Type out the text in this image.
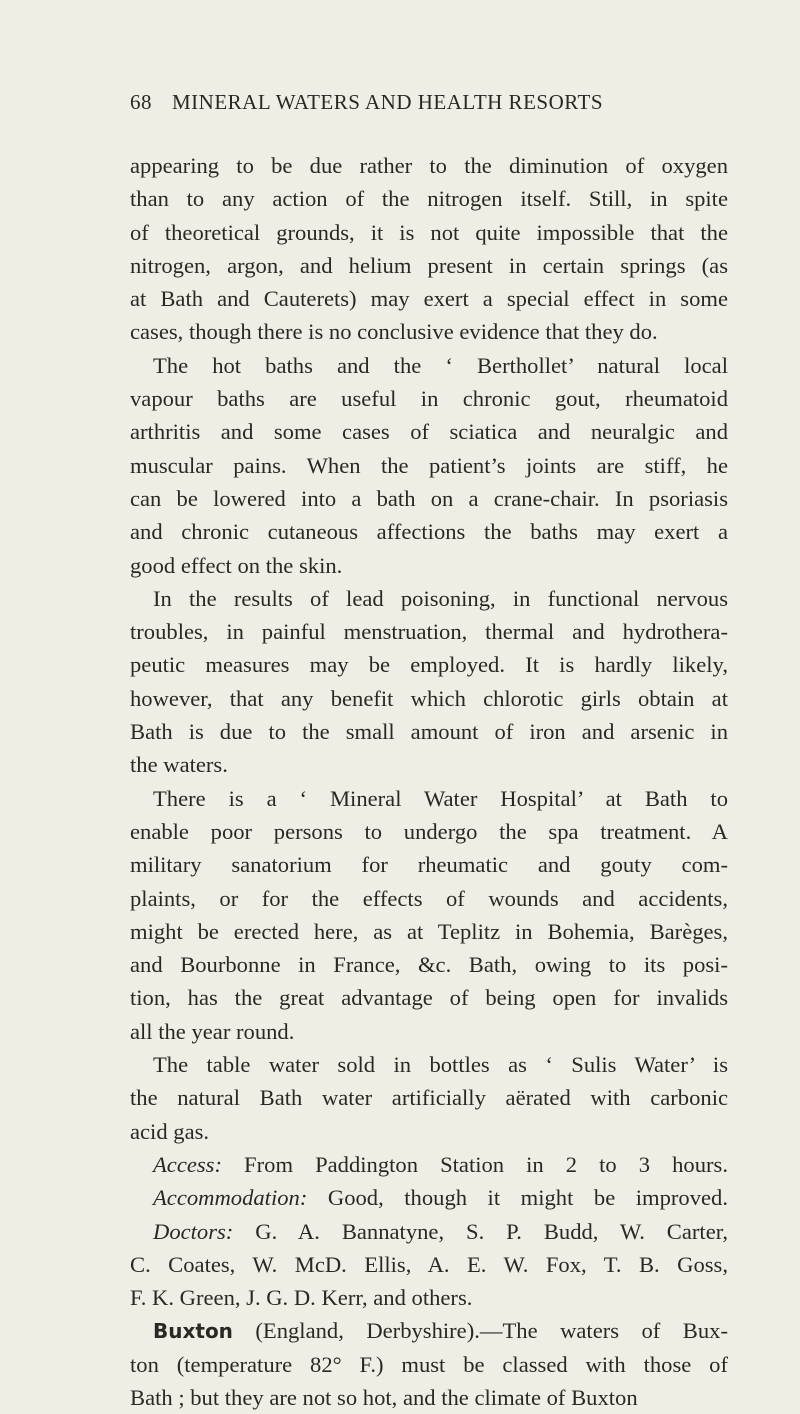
68 MINERAL WATERS AND HEALTH RESORTS
appearing to be due rather to the diminution of oxygen
than to any action of the nitrogen itself. Still, in spite
of theoretical grounds, it is not quite impossible that the
nitrogen, argon, and helium present in certain springs (as
at Bath and Cauterets) may exert a special effect in some
cases, though there is no conclusive evidence that they do.
The hot baths and the ‘ Berthollet’ natural local
vapour baths are useful in chronic gout, rheumatoid
arthritis and some cases of sciatica and neuralgic and
muscular pains. When the patient’s joints are stiff, he
can be lowered into a bath on a crane-chair. In psoriasis
and chronic cutaneous affections the baths may exert a
good effect on the skin.
In the results of lead poisoning, in functional nervous
troubles, in painful menstruation, thermal and hydrothera-
peutic measures may be employed. It is hardly likely,
however, that any benefit which chlorotic girls obtain at
Bath is due to the small amount of iron and arsenic in
the waters.
There is a ‘ Mineral Water Hospital’ at Bath to
enable poor persons to undergo the spa treatment. A
military sanatorium for rheumatic and gouty com-
plaints, or for the effects of wounds and accidents,
might be erected here, as at Teplitz in Bohemia, Barèges,
and Bourbonne in France, &c. Bath, owing to its posi-
tion, has the great advantage of being open for invalids
all the year round.
The table water sold in bottles as ‘ Sulis Water’ is
the natural Bath water artificially aërated with carbonic
acid gas.
Access: From Paddington Station in 2 to 3 hours.
Accommodation: Good, though it might be improved.
Doctors: G. A. Bannatyne, S. P. Budd, W. Carter,
C. Coates, W. McD. Ellis, A. E. W. Fox, T. B. Goss,
F. K. Green, J. G. D. Kerr, and others.
Buxton (England, Derbyshire).—The waters of Bux-
ton (temperature 82° F.) must be classed with those of
Bath ; but they are not so hot, and the climate of Buxton
